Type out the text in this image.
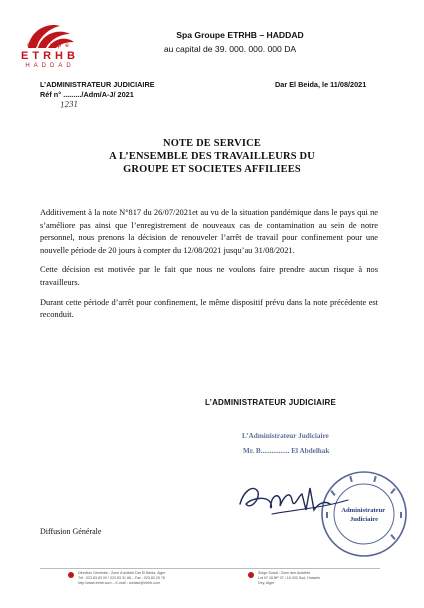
Groupe
ETRHB
HADDAD
Spa Groupe ETRHB – HADDAD
au capital de 39. 000. 000. 000 DA
L’ADMINISTRATEUR JUDICIAIRE
Réf n° ........./Adm/A-J/ 2021
1231
Dar El Beida, le 11/08/2021
NOTE DE SERVICE
A L’ENSEMBLE DES TRAVAILLEURS DU
GROUPE ET SOCIETES AFFILIEES

Additivement à la note N°817 du 26/07/2021et au vu de la situation pandémique dans le pays qui ne s’améliore pas ainsi que l’enregistrement de nouveaux cas de contamination au sein de notre personnel, nous prenons la décision de renouveler l’arrêt de travail pour confinement pour une nouvelle période de 20 jours à compter du 12/08/2021 jusqu’au 31/08/2021.

Cette décision est motivée par le fait que nous ne voulons faire prendre aucun risque à nos travailleurs.

Durant cette période d’arrêt pour confinement, le même dispositif prévu dans la note précédente est reconduit.

L’ADMINISTRATEUR JUDICIAIRE
L’Administrateur Judiciaire
Mr. B................ El Abdelhak
Administrateur Judiciaire
Diffusion Générale
Direction Générale : Zone d’activité Dar El Beida, Alger
Tél : 023 83 83 00 / 023 83 31 66 – Fax : 023 83 25 78
http://www.etrhb.com – E-mail : contact@etrhb.com
Siège Social : Zone des Activités
Lot N° 28 BP 07 / 16 000 Sud, Hussein
Dey, Alger
